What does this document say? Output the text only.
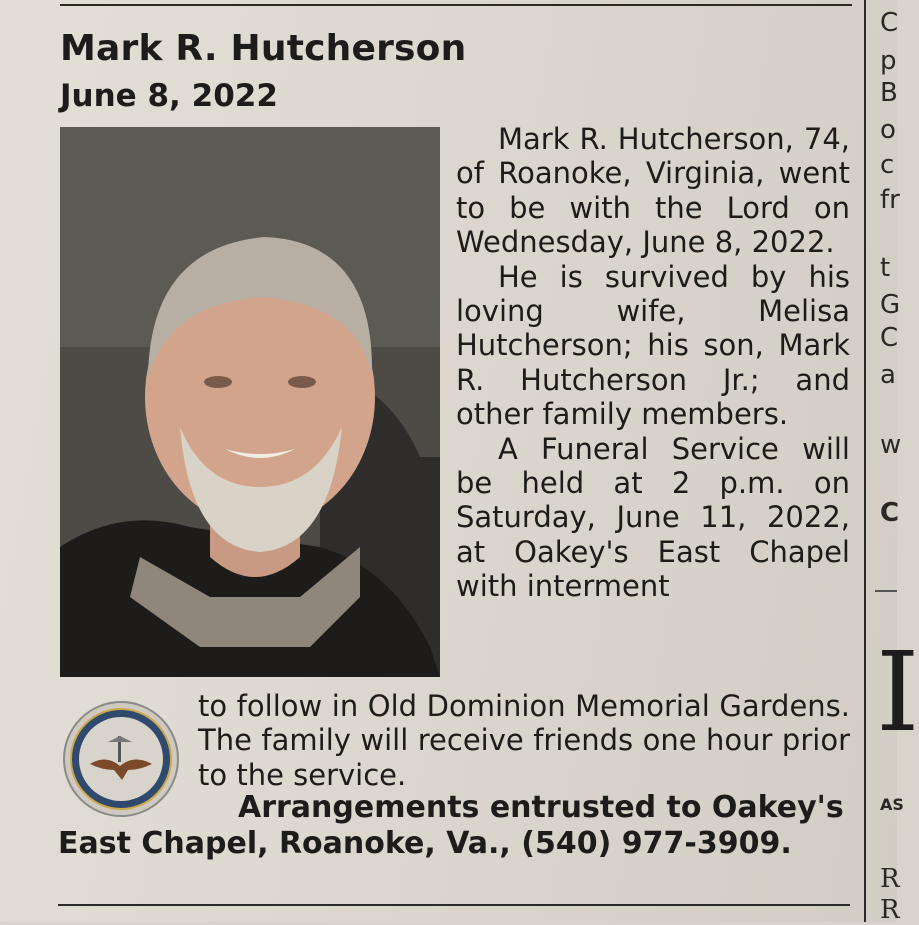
Mark R. Hutcherson
June 8, 2022

Mark R. Hutcherson, 74, of Roanoke, Virginia, went to be with the Lord on Wednesday, June 8, 2022.

He is survived by his loving wife, Melisa Hutcherson; his son, Mark R. Hutcherson Jr.; and other family members.

A Funeral Service will be held at 2 p.m. on Saturday, June 11, 2022, at Oakey's East Chapel with interment

to follow in Old Dominion Memorial Gardens. The family will receive friends one hour prior to the service.

Arrangements entrusted to Oakey's
East Chapel, Roanoke, Va., (540) 977-3909.
C
p
B
o
c
fr
t
G
C
a
w
C
I
AS
R
R
